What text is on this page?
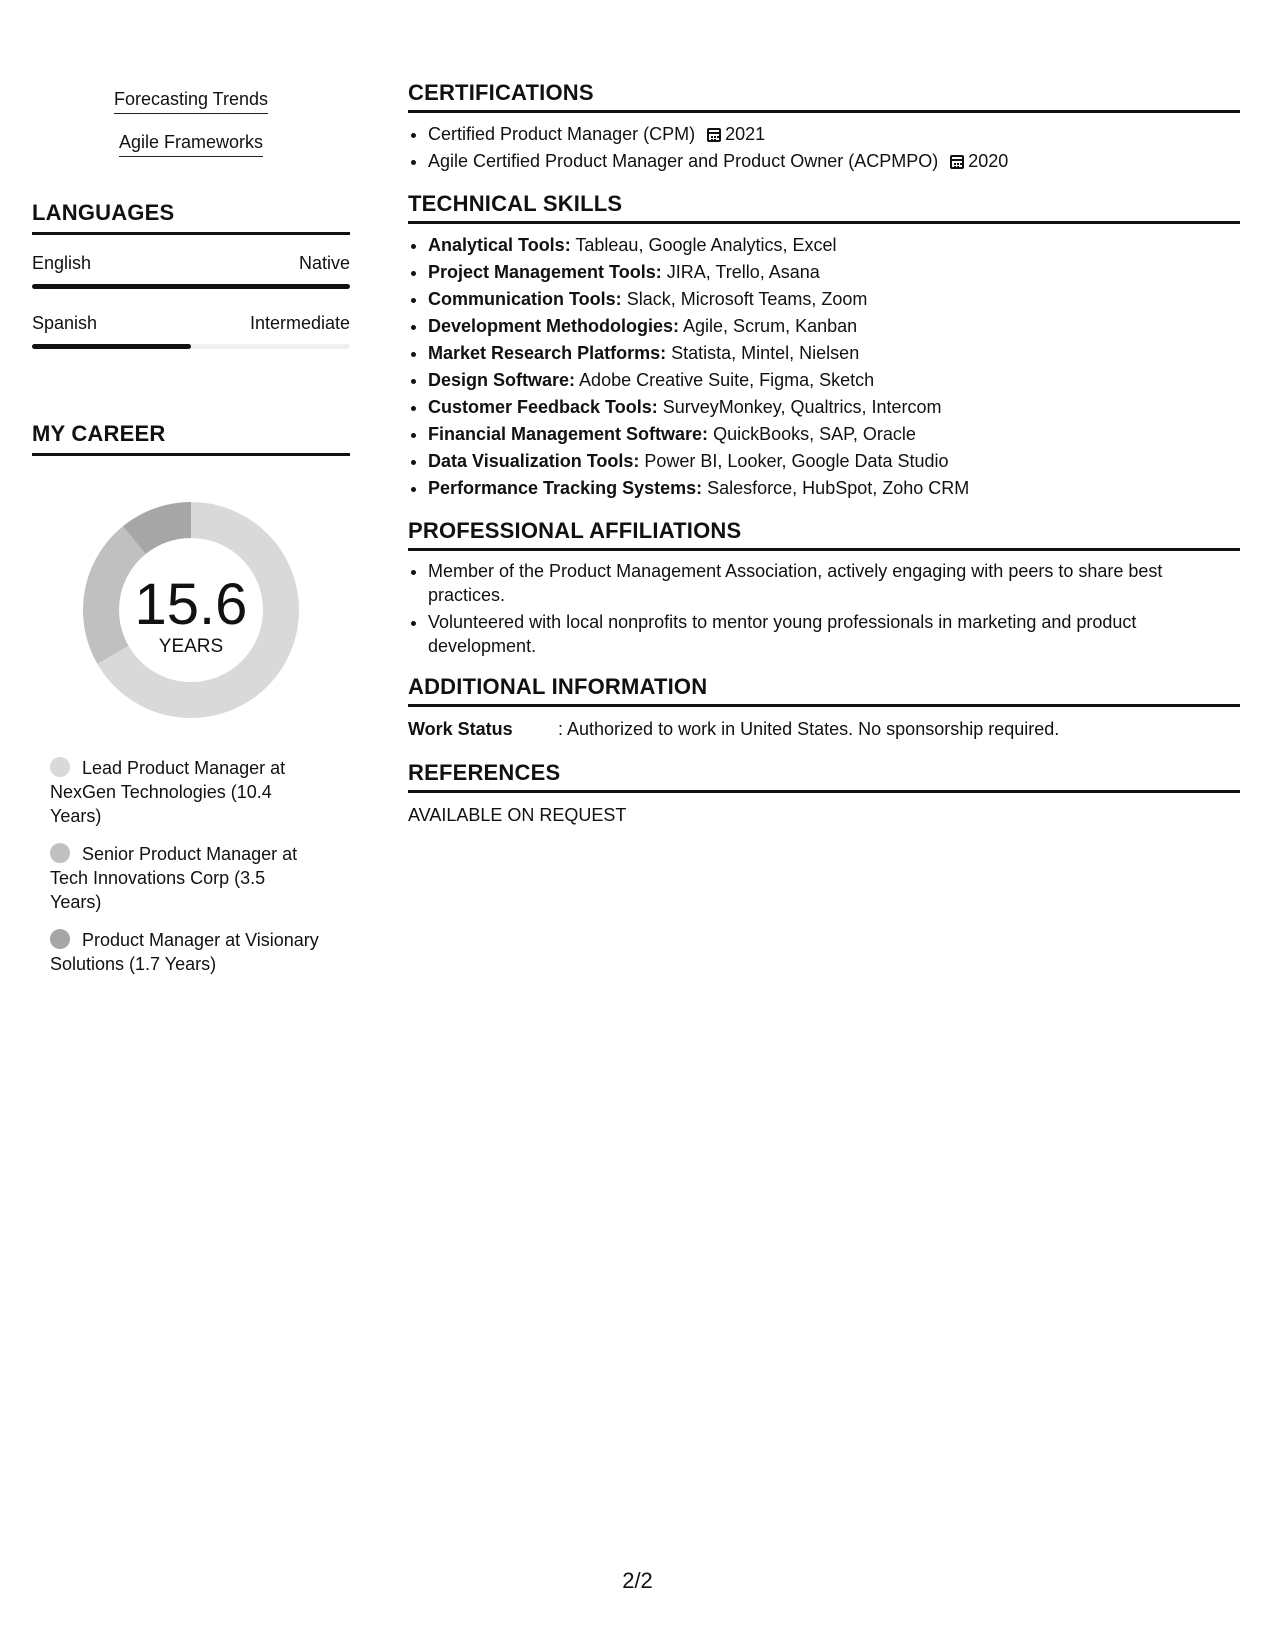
Forecasting Trends
Agile Frameworks
LANGUAGES
English	Native
Spanish	Intermediate
MY CAREER
15.6
YEARS
Lead Product Manager at NexGen Technologies (10.4 Years)
Senior Product Manager at Tech Innovations Corp (3.5 Years)
Product Manager at Visionary Solutions (1.7 Years)
CERTIFICATIONS
• Certified Product Manager (CPM) 2021
• Agile Certified Product Manager and Product Owner (ACPMPO) 2020
TECHNICAL SKILLS
• Analytical Tools: Tableau, Google Analytics, Excel
• Project Management Tools: JIRA, Trello, Asana
• Communication Tools: Slack, Microsoft Teams, Zoom
• Development Methodologies: Agile, Scrum, Kanban
• Market Research Platforms: Statista, Mintel, Nielsen
• Design Software: Adobe Creative Suite, Figma, Sketch
• Customer Feedback Tools: SurveyMonkey, Qualtrics, Intercom
• Financial Management Software: QuickBooks, SAP, Oracle
• Data Visualization Tools: Power BI, Looker, Google Data Studio
• Performance Tracking Systems: Salesforce, HubSpot, Zoho CRM
PROFESSIONAL AFFILIATIONS
• Member of the Product Management Association, actively engaging with peers to share best practices.
• Volunteered with local nonprofits to mentor young professionals in marketing and product development.
ADDITIONAL INFORMATION
Work Status	: Authorized to work in United States. No sponsorship required.
REFERENCES
AVAILABLE ON REQUEST
2/2
